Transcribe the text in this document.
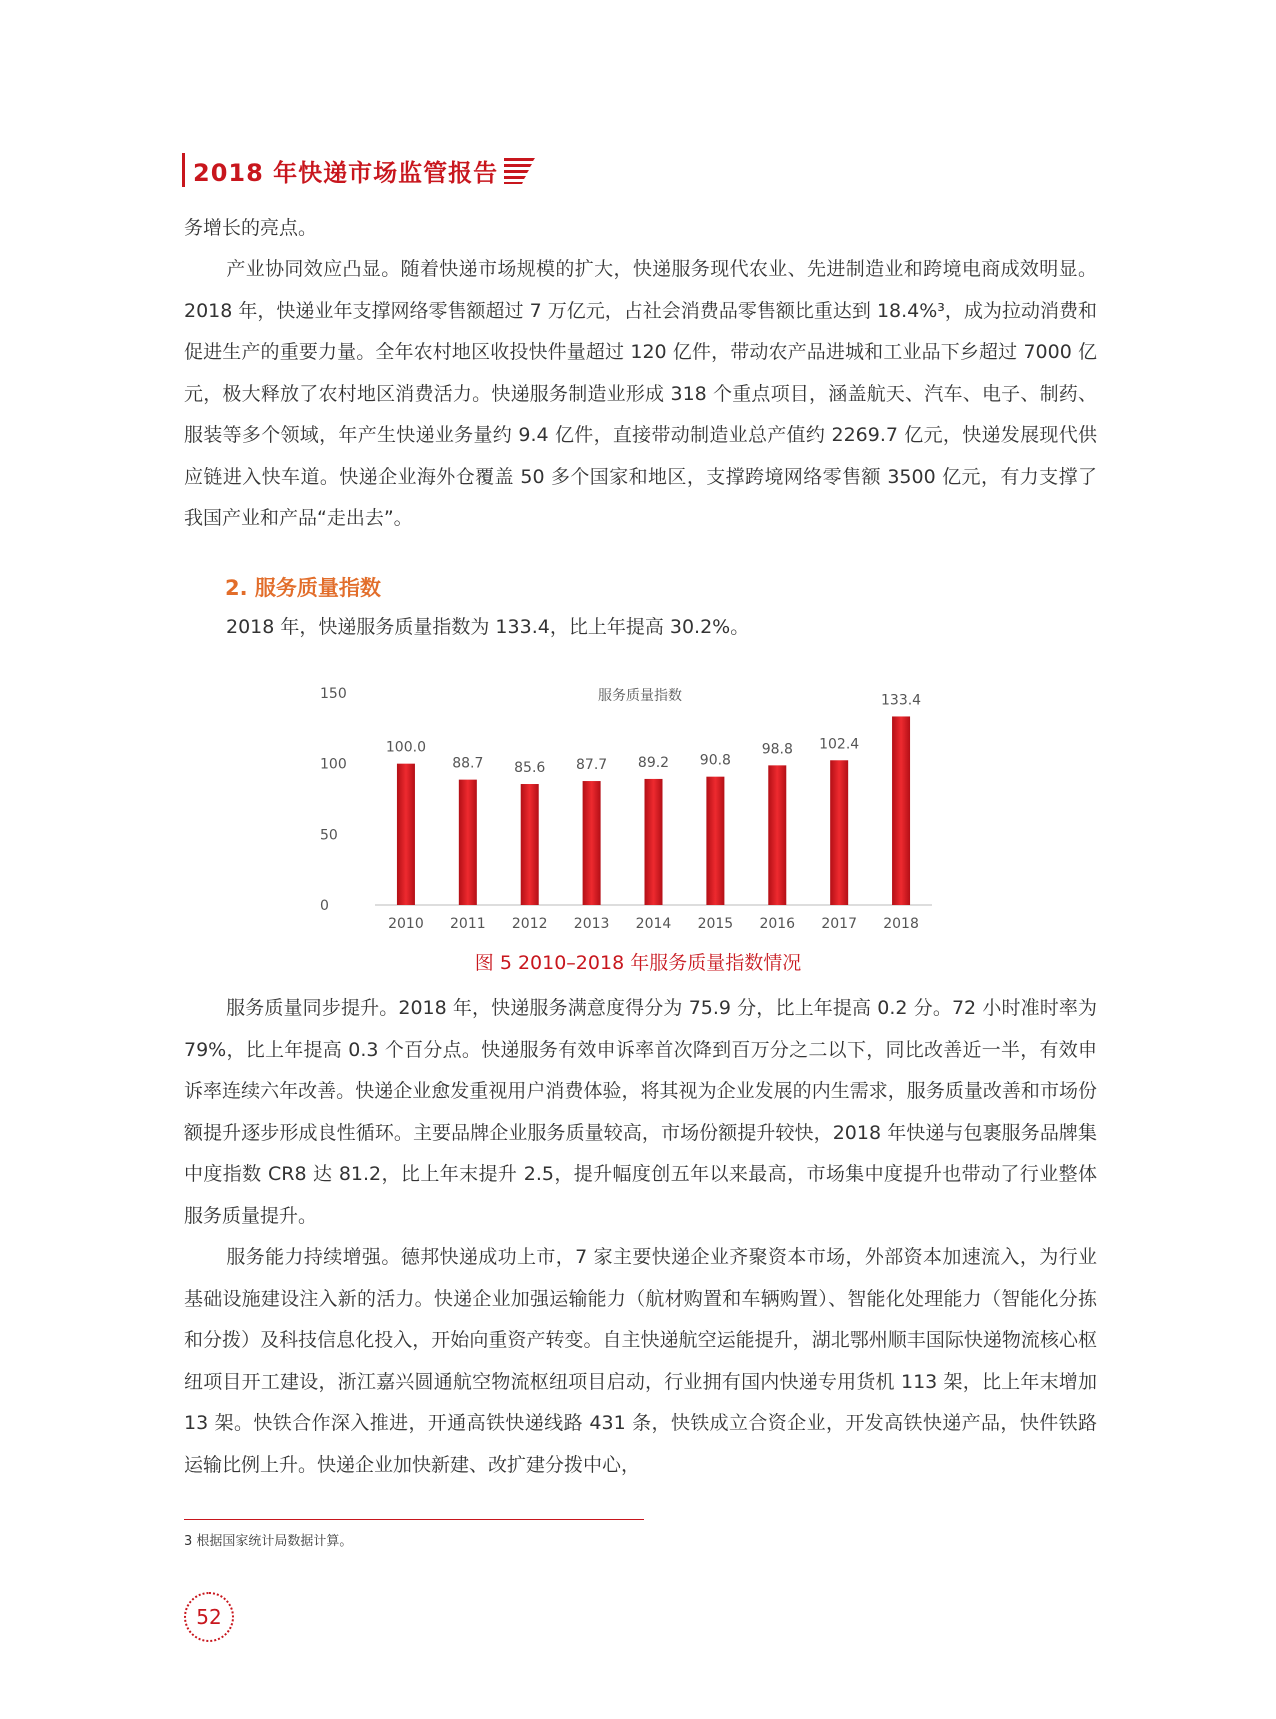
2018 年快递市场监管报告

务增长的亮点。

产业协同效应凸显。随着快递市场规模的扩大，快递服务现代农业、先进制造业和跨境电商成效明显。2018 年，快递业年支撑网络零售额超过 7 万亿元，占社会消费品零售额比重达到 18.4%³，成为拉动消费和促进生产的重要力量。全年农村地区收投快件量超过 120 亿件，带动农产品进城和工业品下乡超过 7000 亿元，极大释放了农村地区消费活力。快递服务制造业形成 318 个重点项目，涵盖航天、汽车、电子、制药、服装等多个领域，年产生快递业务量约 9.4 亿件，直接带动制造业总产值约 2269.7 亿元，快递发展现代供应链进入快车道。快递企业海外仓覆盖 50 多个国家和地区，支撑跨境网络零售额 3500 亿元，有力支撑了我国产业和产品“走出去”。

2. 服务质量指数

2018 年，快递服务质量指数为 133.4，比上年提高 30.2%。

服务质量指数
0
50
100
150
100.0
88.7 85.6 87.7 89.2 90.8
98.8 102.4
133.4
2010 2011 2012 2013 2014 2015 2016 2017 2018

图 5 2010–2018 年服务质量指数情况

服务质量同步提升。2018 年，快递服务满意度得分为 75.9 分，比上年提高 0.2 分。72 小时准时率为 79%，比上年提高 0.3 个百分点。快递服务有效申诉率首次降到百万分之二以下，同比改善近一半，有效申诉率连续六年改善。快递企业愈发重视用户消费体验，将其视为企业发展的内生需求，服务质量改善和市场份额提升逐步形成良性循环。主要品牌企业服务质量较高，市场份额提升较快，2018 年快递与包裹服务品牌集中度指数 CR8 达 81.2，比上年末提升 2.5，提升幅度创五年以来最高，市场集中度提升也带动了行业整体服务质量提升。

服务能力持续增强。德邦快递成功上市，7 家主要快递企业齐聚资本市场，外部资本加速流入，为行业基础设施建设注入新的活力。快递企业加强运输能力（航材购置和车辆购置）、智能化处理能力（智能化分拣和分拨）及科技信息化投入，开始向重资产转变。自主快递航空运能提升，湖北鄂州顺丰国际快递物流核心枢纽项目开工建设，浙江嘉兴圆通航空物流枢纽项目启动，行业拥有国内快递专用货机 113 架，比上年末增加 13 架。快铁合作深入推进，开通高铁快递线路 431 条，快铁成立合资企业，开发高铁快递产品，快件铁路运输比例上升。快递企业加快新建、改扩建分拨中心，

3 根据国家统计局数据计算。

52
